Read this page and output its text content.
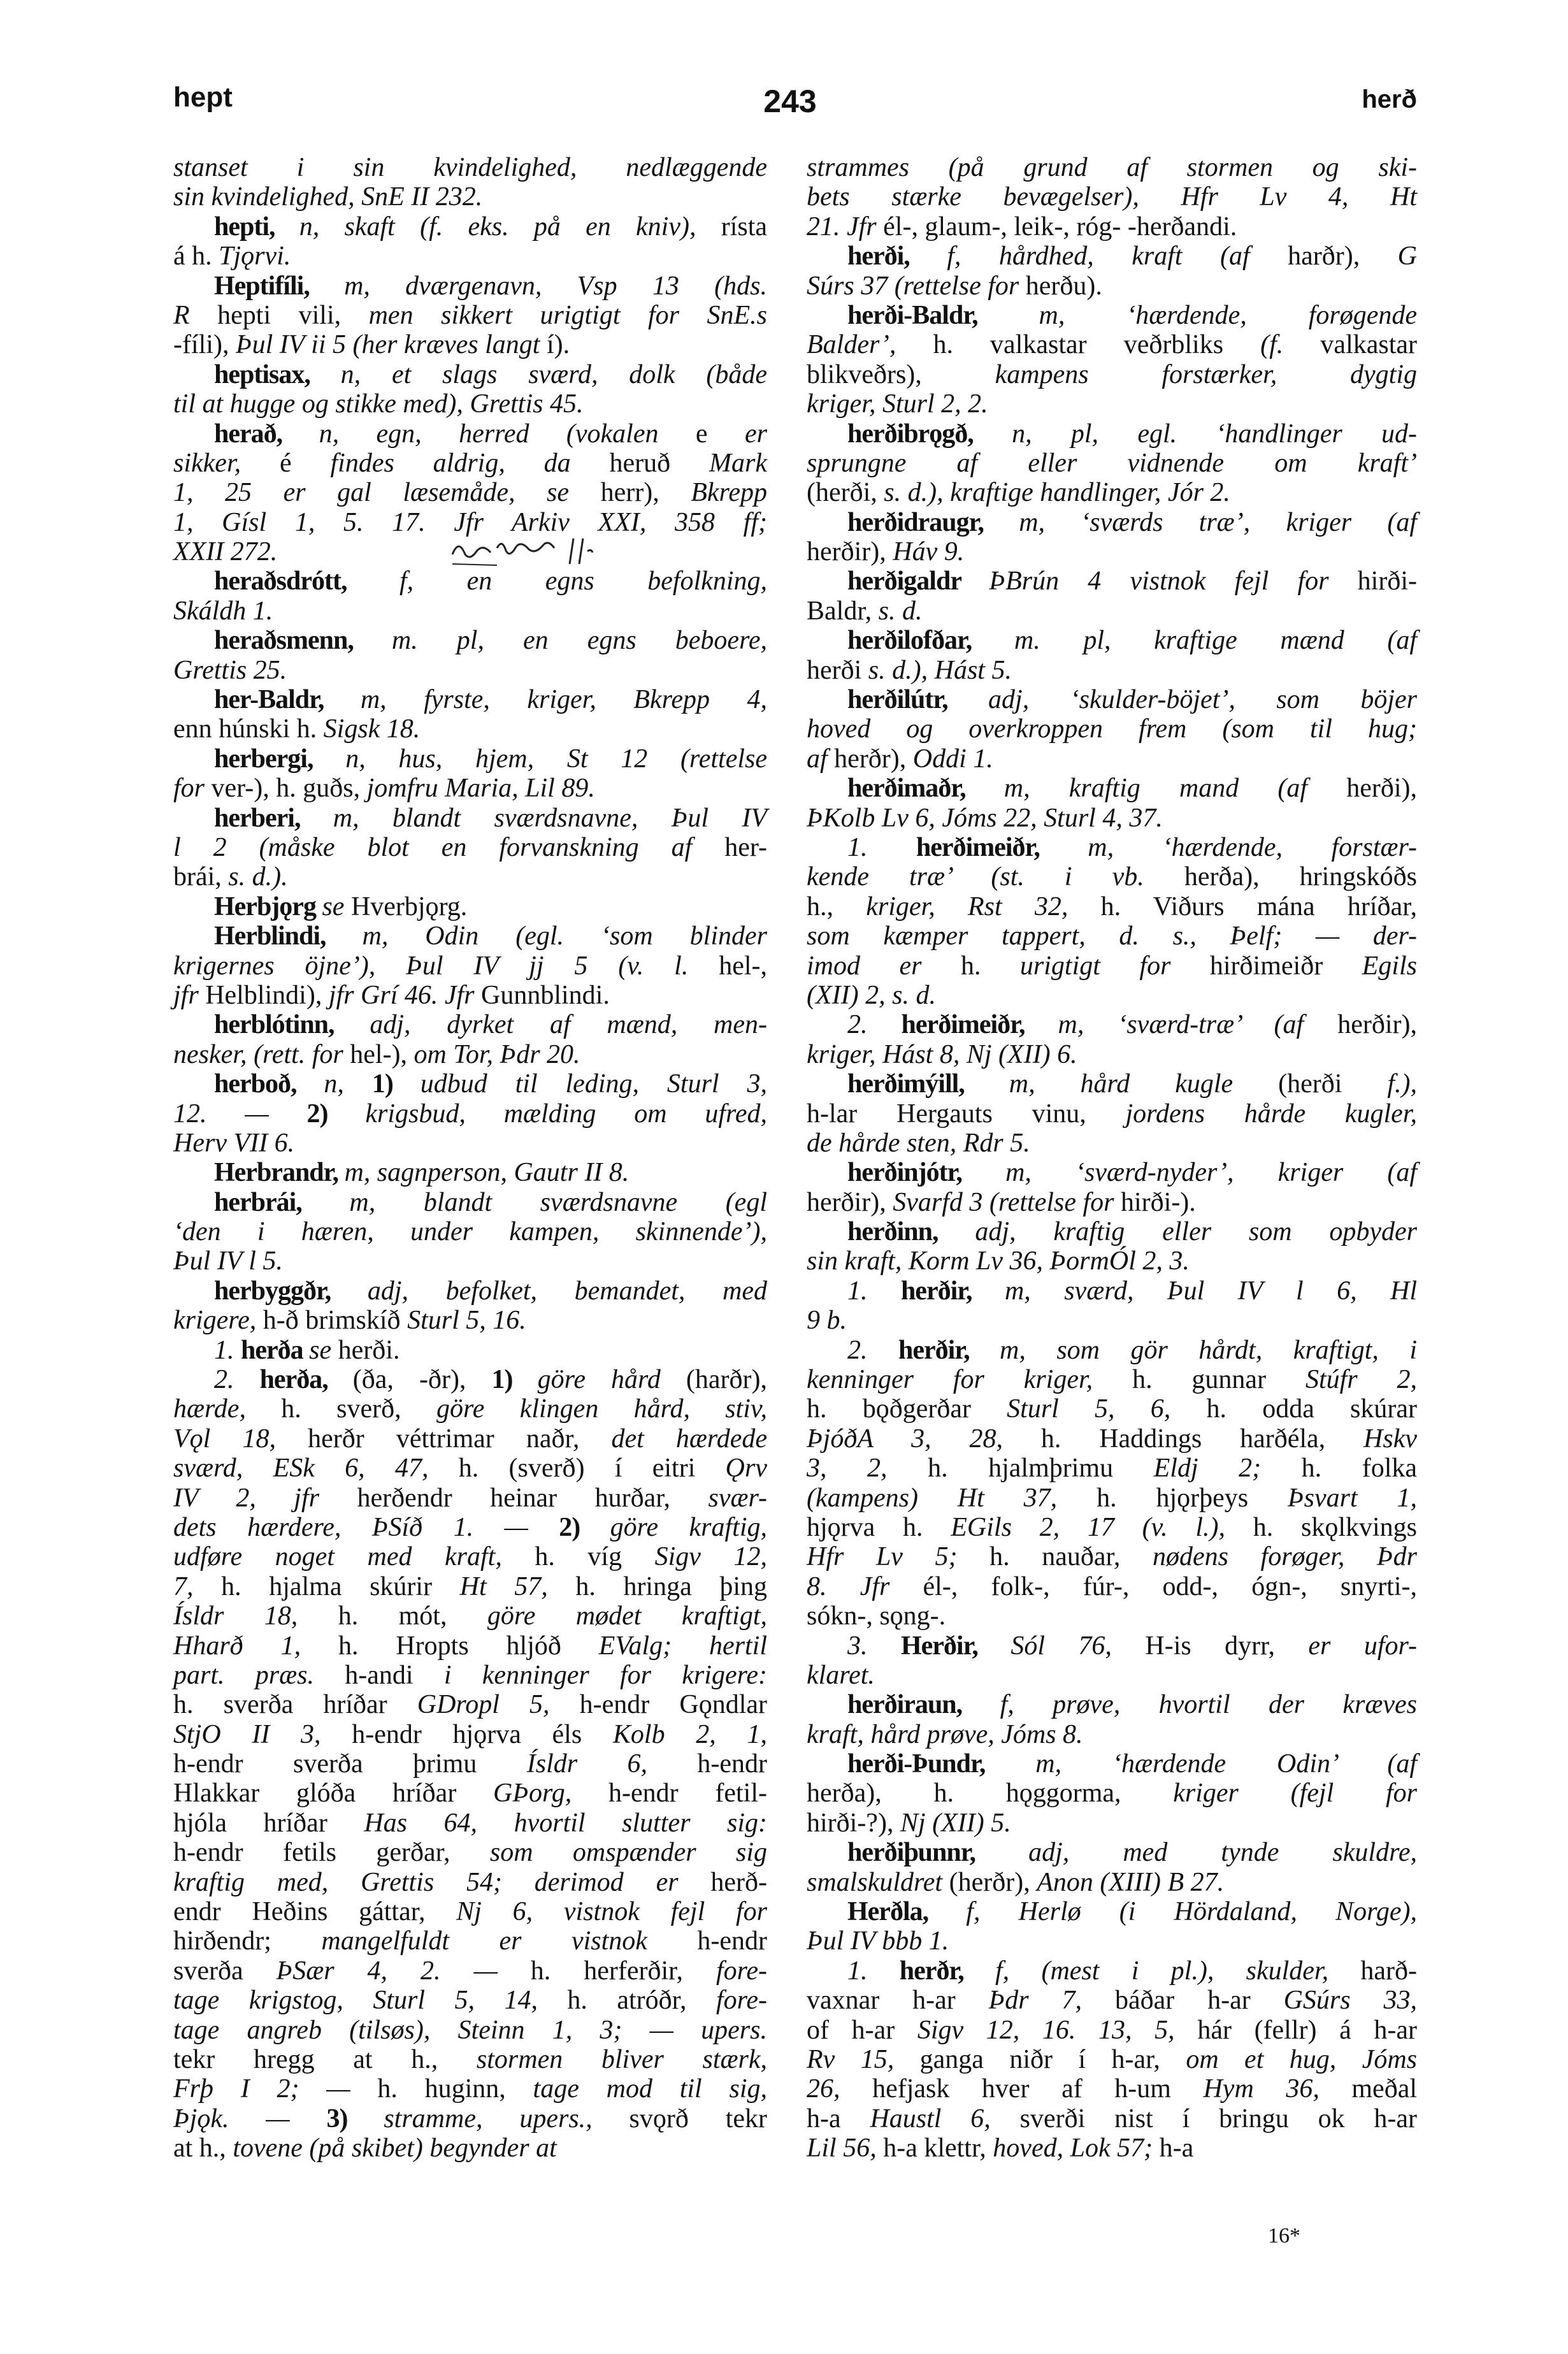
hept	243	herð
stanset i sin kvindelighed, nedlæggende
sin kvindelighed, SnE II 232.
hepti, n, skaft (f. eks. på en kniv), rísta
á h. Tjǫrvi.
Heptifíli, m, dværgenavn, Vsp 13 (hds.
R hepti vili, men sikkert urigtigt for SnE.s
-fíli), Þul IV ii 5 (her kræves langt í).
heptisax, n, et slags sværd, dolk (både
til at hugge og stikke med), Grettis 45.
herað, n, egn, herred (vokalen e er
sikker, é findes aldrig, da heruð Mark
1, 25 er gal læsemåde, se herr), Bkrepp
1, Gísl 1, 5. 17. Jfr Arkiv XXI, 358 ff;
XXII 272.
heraðsdrótt, f, en egns befolkning,
Skáldh 1.
heraðsmenn, m. pl, en egns beboere,
Grettis 25.
her-Baldr, m, fyrste, kriger, Bkrepp 4,
enn húnski h. Sigsk 18.
herbergi, n, hus, hjem, St 12 (rettelse
for ver-), h. guðs, jomfru Maria, Lil 89.
herberi, m, blandt sværdsnavne, Þul IV
l 2 (måske blot en forvanskning af her-
brái, s. d.).
Herbjǫrg se Hverbjǫrg.
Herblindi, m, Odin (egl. ‘som blinder
krigernes öjne’), Þul IV jj 5 (v. l. hel-,
jfr Helblindi), jfr Grí 46. Jfr Gunnblindi.
herblótinn, adj, dyrket af mænd, men-
nesker, (rett. for hel-), om Tor, Þdr 20.
herboð, n, 1) udbud til leding, Sturl 3,
12. — 2) krigsbud, mælding om ufred,
Herv VII 6.
Herbrandr, m, sagnperson, Gautr II 8.
herbrái, m, blandt sværdsnavne (egl
‘den i hæren, under kampen, skinnende’),
Þul IV l 5.
herbyggðr, adj, befolket, bemandet, med
krigere, h-ð brimskíð Sturl 5, 16.
1. herða se herði.
2. herða, (ða, -ðr), 1) göre hård (harðr),
hærde, h. sverð, göre klingen hård, stiv,
Vǫl 18, herðr véttrimar naðr, det hærdede
sværd, ESk 6, 47, h. (sverð) í eitri Ǫrv
IV 2, jfr herðendr heinar hurðar, svær-
dets hærdere, ÞSíð 1. — 2) göre kraftig,
udføre noget med kraft, h. víg Sigv 12,
7, h. hjalma skúrir Ht 57, h. hringa þing
Ísldr 18, h. mót, göre mødet kraftigt,
Hharð 1, h. Hropts hljóð EValg; hertil
part. præs. h-andi i kenninger for krigere:
h. sverða hríðar GDropl 5, h-endr Gǫndlar
StjO II 3, h-endr hjǫrva éls Kolb 2, 1,
h-endr sverða þrimu Ísldr 6, h-endr
Hlakkar glóða hríðar GÞorg, h-endr fetil-
hjóla hríðar Has 64, hvortil slutter sig:
h-endr fetils gerðar, som omspænder sig
kraftig med, Grettis 54; derimod er herð-
endr Heðins gáttar, Nj 6, vistnok fejl for
hirðendr; mangelfuldt er vistnok h-endr
sverða ÞSær 4, 2. — h. herferðir, fore-
tage krigstog, Sturl 5, 14, h. atróðr, fore-
tage angreb (tilsøs), Steinn 1, 3; — upers.
tekr hregg at h., stormen bliver stærk,
Frþ I 2; — h. huginn, tage mod til sig,
Þjǫk. — 3) stramme, upers., svǫrð tekr
at h., tovene (på skibet) begynder at
strammes (på grund af stormen og ski-
bets stærke bevægelser), Hfr Lv 4, Ht
21. Jfr él-, glaum-, leik-, róg- -herðandi.
herði, f, hårdhed, kraft (af harðr), G
Súrs 37 (rettelse for herðu).
herði-Baldr, m, ‘hærdende, forøgende
Balder’, h. valkastar veðrbliks (f. valkastar
blikveðrs), kampens forstærker, dygtig
kriger, Sturl 2, 2.
herðibrǫgð, n, pl, egl. ‘handlinger ud-
sprungne af eller vidnende om kraft’
(herði, s. d.), kraftige handlinger, Jór 2.
herðidraugr, m, ‘sværds træ’, kriger (af
herðir), Háv 9.
herðigaldr ÞBrún 4 vistnok fejl for hirði-
Baldr, s. d.
herðilofðar, m. pl, kraftige mænd (af
herði s. d.), Hást 5.
herðilútr, adj, ‘skulder-böjet’, som böjer
hoved og overkroppen frem (som til hug;
af herðr), Oddi 1.
herðimaðr, m, kraftig mand (af herði),
ÞKolb Lv 6, Jóms 22, Sturl 4, 37.
1. herðimeiðr, m, ‘hærdende, forstær-
kende træ’ (st. i vb. herða), hringskóðs
h., kriger, Rst 32, h. Viðurs mána hríðar,
som kæmper tappert, d. s., Þelf; — der-
imod er h. urigtigt for hirðimeiðr Egils
(XII) 2, s. d.
2. herðimeiðr, m, ‘sværd-træ’ (af herðir),
kriger, Hást 8, Nj (XII) 6.
herðimýill, m, hård kugle (herði f.),
h-lar Hergauts vinu, jordens hårde kugler,
de hårde sten, Rdr 5.
herðinjótr, m, ‘sværd-nyder’, kriger (af
herðir), Svarfd 3 (rettelse for hirði-).
herðinn, adj, kraftig eller som opbyder
sin kraft, Korm Lv 36, ÞormÓl 2, 3.
1. herðir, m, sværd, Þul IV l 6, Hl
9 b.
2. herðir, m, som gör hårdt, kraftigt, i
kenninger for kriger, h. gunnar Stúfr 2,
h. bǫðgerðar Sturl 5, 6, h. odda skúrar
ÞjóðA 3, 28, h. Haddings harðéla, Hskv
3, 2, h. hjalmþrimu Eldj 2; h. folka
(kampens) Ht 37, h. hjǫrþeys Þsvart 1,
hjǫrva h. EGils 2, 17 (v. l.), h. skǫlkvings
Hfr Lv 5; h. nauðar, nødens forøger, Þdr
8. Jfr él-, folk-, fúr-, odd-, ógn-, snyrti-,
sókn-, sǫng-.
3. Herðir, Sól 76, H-is dyrr, er ufor-
klaret.
herðiraun, f, prøve, hvortil der kræves
kraft, hård prøve, Jóms 8.
herði-Þundr, m, ‘hærdende Odin’ (af
herða), h. hǫggorma, kriger (fejl for
hirði-?), Nj (XII) 5.
herðiþunnr, adj, med tynde skuldre,
smalskuldret (herðr), Anon (XIII) B 27.
Herðla, f, Herlø (i Hördaland, Norge),
Þul IV bbb 1.
1. herðr, f, (mest i pl.), skulder, harð-
vaxnar h-ar Þdr 7, báðar h-ar GSúrs 33,
of h-ar Sigv 12, 16. 13, 5, hár (fellr) á h-ar
Rv 15, ganga niðr í h-ar, om et hug, Jóms
26, hefjask hver af h-um Hym 36, meðal
h-a Haustl 6, sverði nist í bringu ok h-ar
Lil 56, h-a klettr, hoved, Lok 57; h-a
16*
